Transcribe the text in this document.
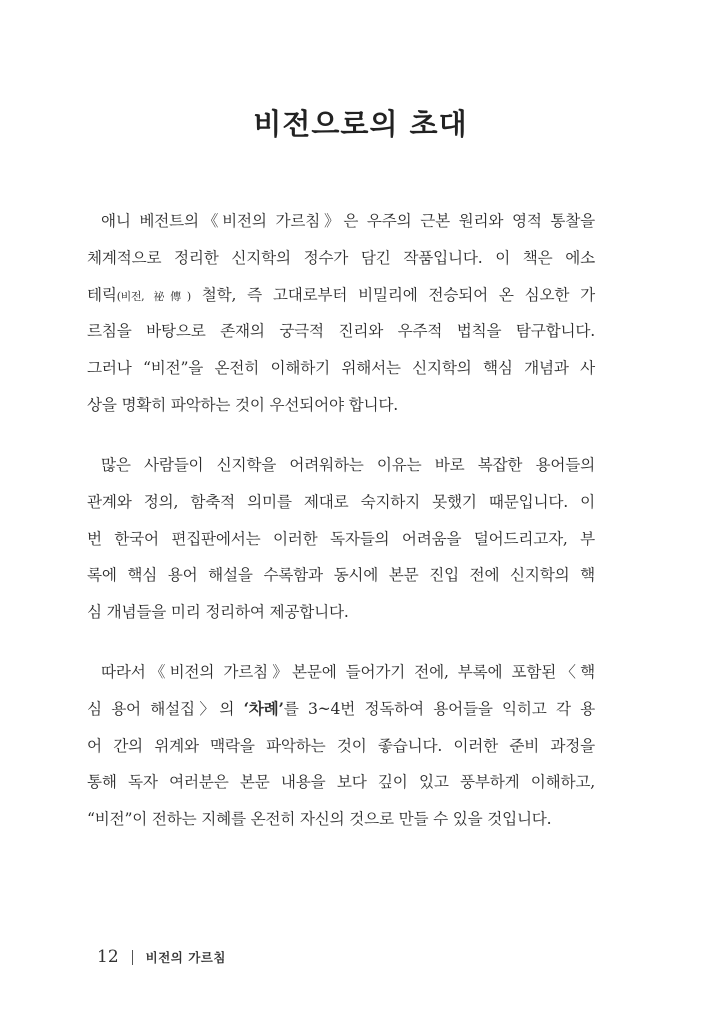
비전으로의 초대
애니 베전트의《비전의 가르침》은 우주의 근본 원리와 영적 통찰을
체계적으로 정리한 신지학의 정수가 담긴 작품입니다. 이 책은 에소
테릭(비전, 祕傳) 철학, 즉 고대로부터 비밀리에 전승되어 온 심오한 가
르침을 바탕으로 존재의 궁극적 진리와 우주적 법칙을 탐구합니다.
그러나 “비전”을 온전히 이해하기 위해서는 신지학의 핵심 개념과 사
상을 명확히 파악하는 것이 우선되어야 합니다.
많은 사람들이 신지학을 어려워하는 이유는 바로 복잡한 용어들의
관계와 정의, 함축적 의미를 제대로 숙지하지 못했기 때문입니다. 이
번 한국어 편집판에서는 이러한 독자들의 어려움을 덜어드리고자, 부
록에 핵심 용어 해설을 수록함과 동시에 본문 진입 전에 신지학의 핵
심 개념들을 미리 정리하여 제공합니다.
따라서《비전의 가르침》본문에 들어가기 전에, 부록에 포함된〈핵
심 용어 해설집〉의 ‘차례’를 3~4번 정독하여 용어들을 익히고 각 용
어 간의 위계와 맥락을 파악하는 것이 좋습니다. 이러한 준비 과정을
통해 독자 여러분은 본문 내용을 보다 깊이 있고 풍부하게 이해하고,
“비전”이 전하는 지혜를 온전히 자신의 것으로 만들 수 있을 것입니다.
12 비전의 가르침
